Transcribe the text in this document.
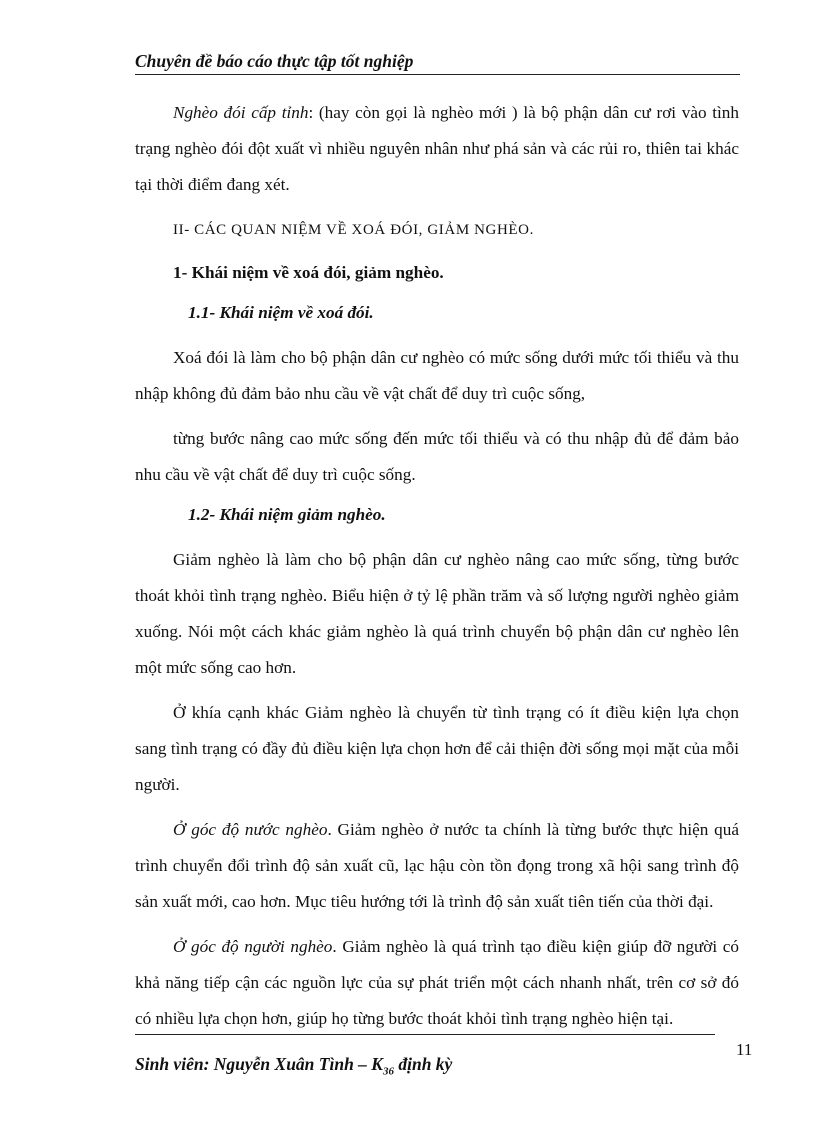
Chuyên đề báo cáo thực tập tốt nghiệp

Nghèo đói cấp tỉnh: (hay còn gọi là nghèo mới ) là bộ phận dân cư rơi vào tình trạng nghèo đói đột xuất vì nhiều nguyên nhân như phá sản và các rủi ro, thiên tai khác tại thời điểm đang xét.

II- CÁC QUAN NIỆM VỀ XOÁ ĐÓI, GIẢM NGHÈO.

1- Khái niệm về xoá đói, giảm nghèo.

1.1- Khái niệm về xoá đói.

Xoá đói là làm cho bộ phận dân cư nghèo có mức sống dưới mức tối thiểu và thu nhập không đủ đảm bảo nhu cầu về vật chất để duy trì cuộc sống,

từng bước nâng cao mức sống đến mức tối thiểu và có thu nhập đủ để đảm bảo nhu cầu về vật chất để duy trì cuộc sống.

1.2- Khái niệm giảm nghèo.

Giảm nghèo là làm cho bộ phận dân cư nghèo nâng cao mức sống, từng bước thoát khỏi tình trạng nghèo. Biểu hiện ở tỷ lệ phần trăm và số lượng người nghèo giảm xuống. Nói một cách khác giảm nghèo là quá trình chuyển bộ phận dân cư nghèo lên một mức sống cao hơn.

Ở khía cạnh khác Giảm nghèo là chuyển từ tình trạng có ít điều kiện lựa chọn sang tình trạng có đầy đủ điều kiện lựa chọn hơn để cải thiện đời sống mọi mặt của mỗi người.

Ở góc độ nước nghèo. Giảm nghèo ở nước ta chính là từng bước thực hiện quá trình chuyển đổi trình độ sản xuất cũ, lạc hậu còn tồn đọng trong xã hội sang trình độ sản xuất mới, cao hơn. Mục tiêu hướng tới là trình độ sản xuất tiên tiến của thời đại.

Ở góc độ người nghèo. Giảm nghèo là quá trình tạo điều kiện giúp đỡ người có khả năng tiếp cận các nguồn lực của sự phát triển một cách nhanh nhất, trên cơ sở đó có nhiều lựa chọn hơn, giúp họ từng bước thoát khỏi tình trạng nghèo hiện tại.

11
Sinh viên: Nguyễn Xuân Tình – $K_{36}$ định kỳ
